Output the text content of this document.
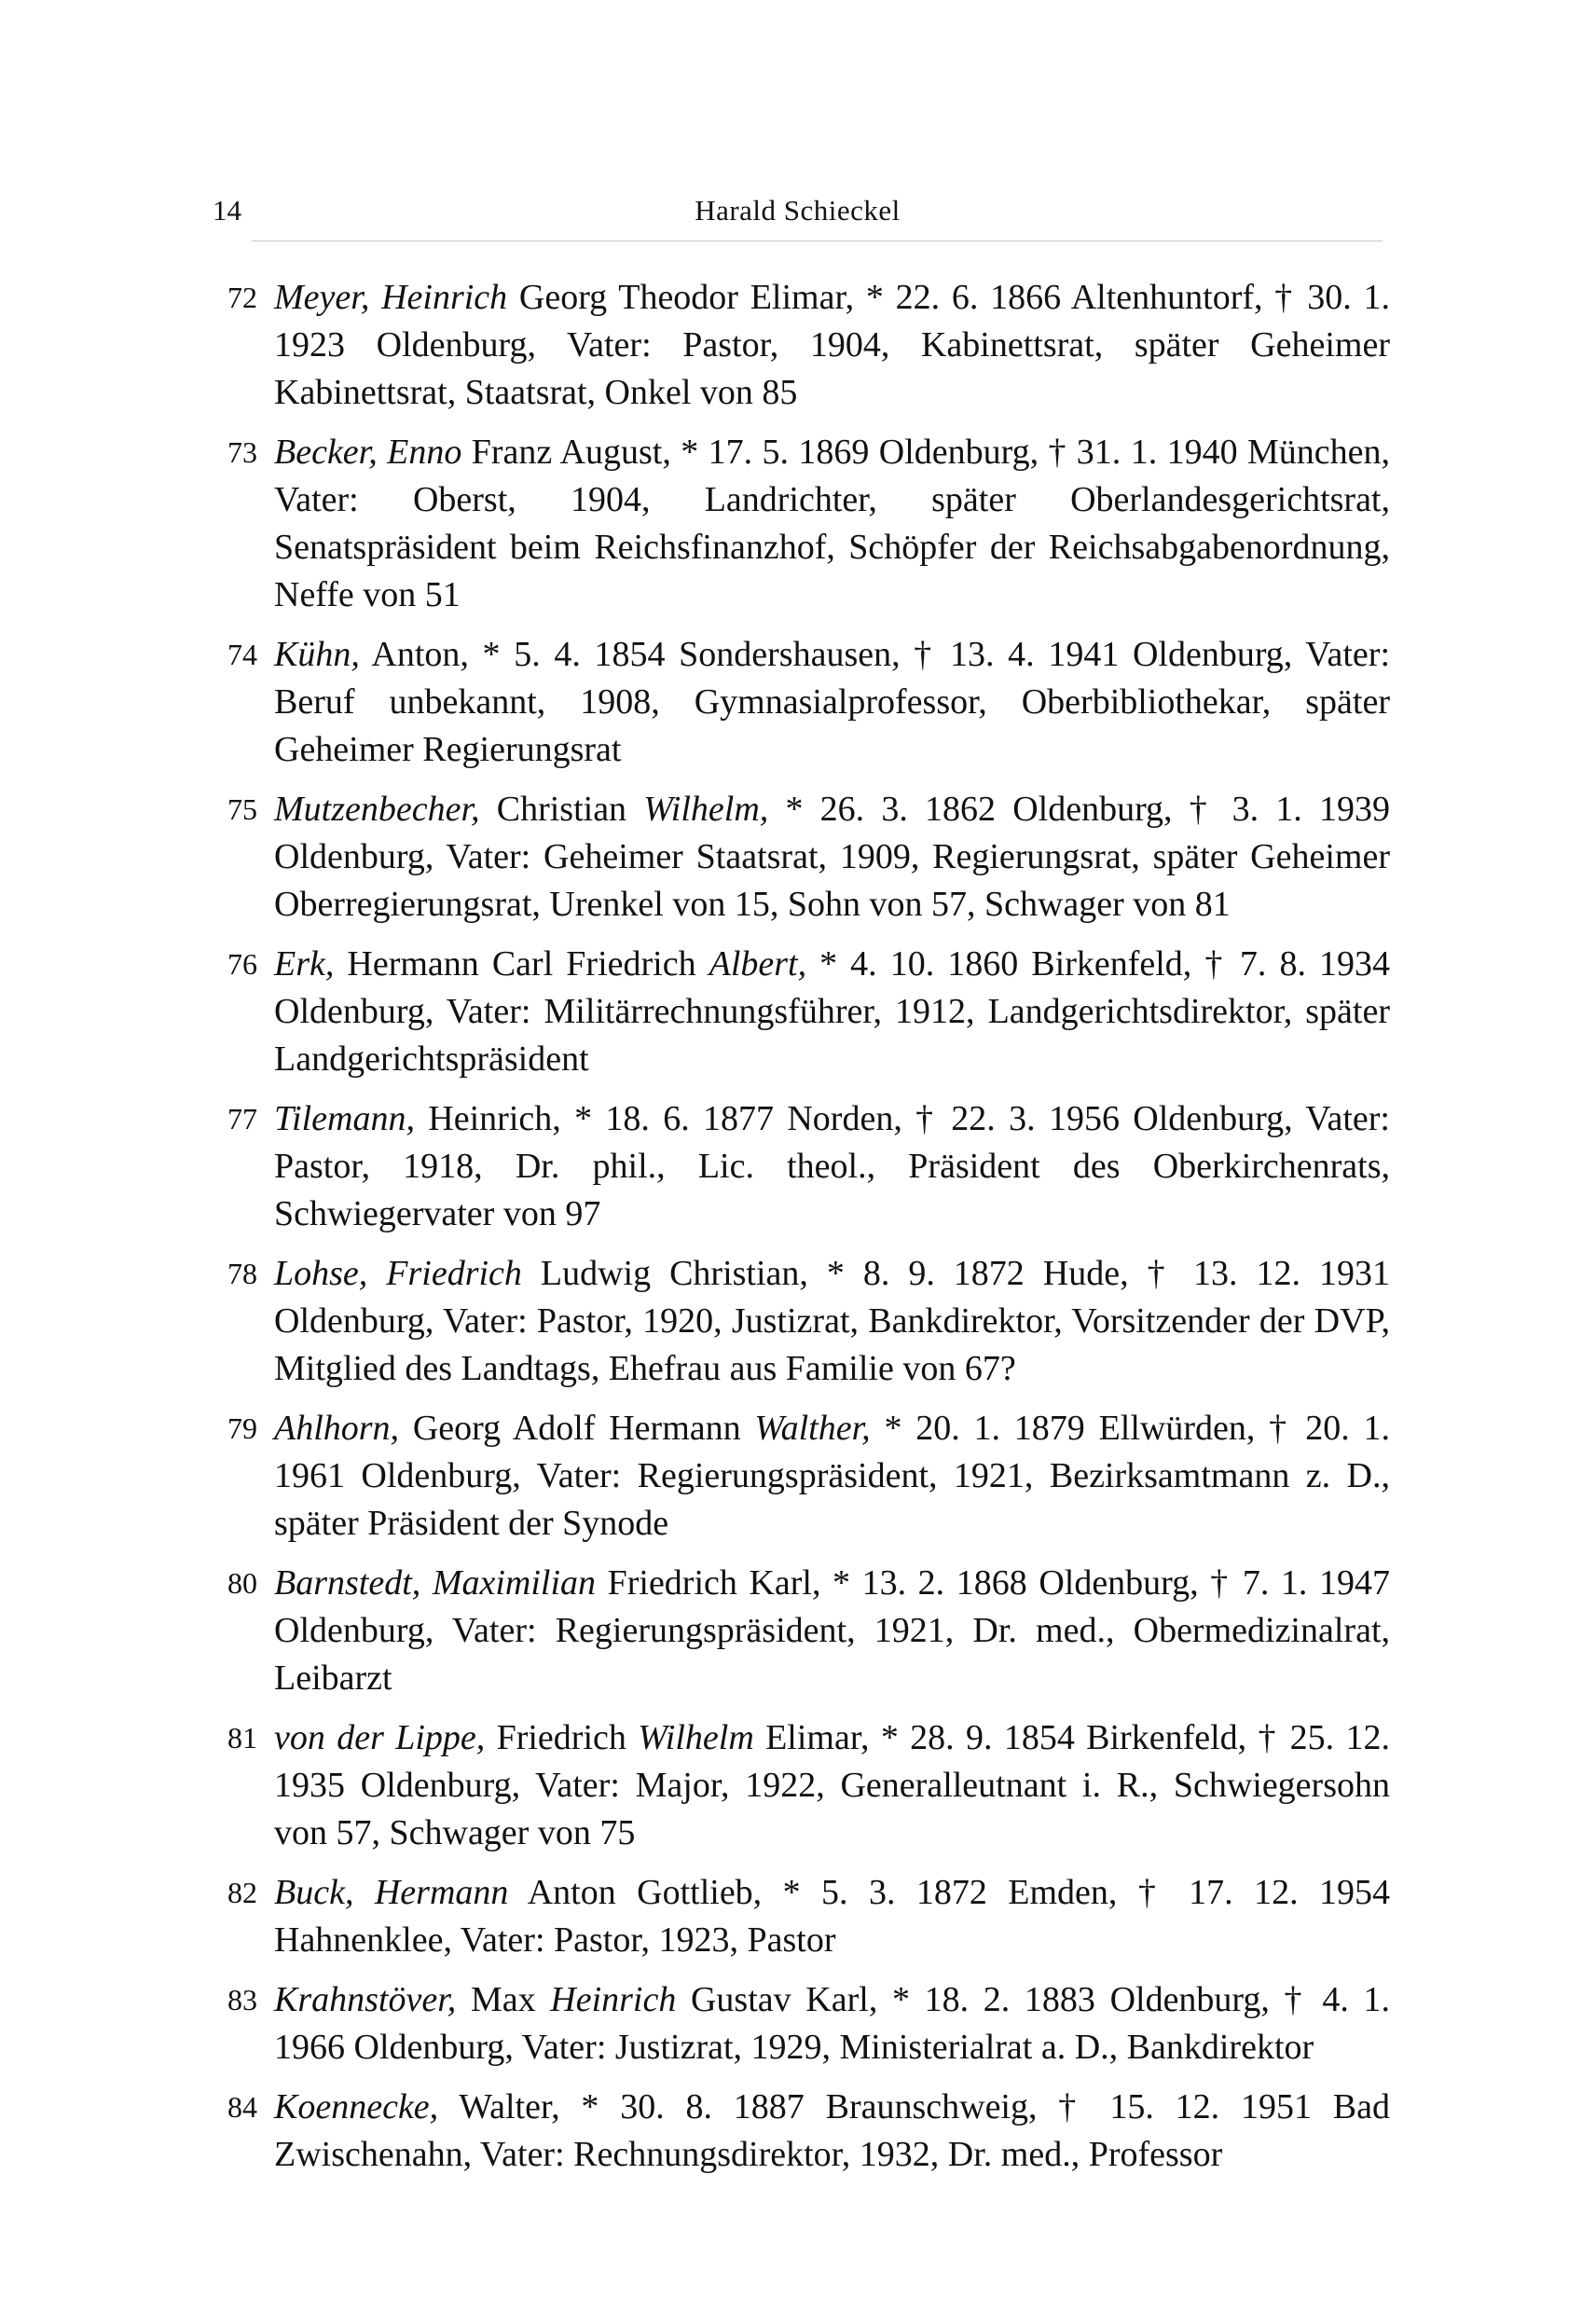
14	Harald Schieckel
72 Meyer, Heinrich Georg Theodor Elimar, * 22. 6. 1866 Altenhuntorf, † 30. 1. 1923 Oldenburg, Vater: Pastor, 1904, Kabinettsrat, später Geheimer Kabinettsrat, Staatsrat, Onkel von 85
73 Becker, Enno Franz August, * 17. 5. 1869 Oldenburg, † 31. 1. 1940 München, Vater: Oberst, 1904, Landrichter, später Oberlandesgerichtsrat, Senatspräsident beim Reichsfinanzhof, Schöpfer der Reichsabgabenordnung, Neffe von 51
74 Kühn, Anton, * 5. 4. 1854 Sondershausen, † 13. 4. 1941 Oldenburg, Vater: Beruf unbekannt, 1908, Gymnasialprofessor, Oberbibliothekar, später Geheimer Regierungsrat
75 Mutzenbecher, Christian Wilhelm, * 26. 3. 1862 Oldenburg, † 3. 1. 1939 Oldenburg, Vater: Geheimer Staatsrat, 1909, Regierungsrat, später Geheimer Oberregierungsrat, Urenkel von 15, Sohn von 57, Schwager von 81
76 Erk, Hermann Carl Friedrich Albert, * 4. 10. 1860 Birkenfeld, † 7. 8. 1934 Oldenburg, Vater: Militärrechnungsführer, 1912, Landgerichtsdirektor, später Landgerichtspräsident
77 Tilemann, Heinrich, * 18. 6. 1877 Norden, † 22. 3. 1956 Oldenburg, Vater: Pastor, 1918, Dr. phil., Lic. theol., Präsident des Oberkirchenrats, Schwiegervater von 97
78 Lohse, Friedrich Ludwig Christian, * 8. 9. 1872 Hude, † 13. 12. 1931 Oldenburg, Vater: Pastor, 1920, Justizrat, Bankdirektor, Vorsitzender der DVP, Mitglied des Landtags, Ehefrau aus Familie von 67?
79 Ahlhorn, Georg Adolf Hermann Walther, * 20. 1. 1879 Ellwürden, † 20. 1. 1961 Oldenburg, Vater: Regierungspräsident, 1921, Bezirksamtmann z. D., später Präsident der Synode
80 Barnstedt, Maximilian Friedrich Karl, * 13. 2. 1868 Oldenburg, † 7. 1. 1947 Oldenburg, Vater: Regierungspräsident, 1921, Dr. med., Obermedizinalrat, Leibarzt
81 von der Lippe, Friedrich Wilhelm Elimar, * 28. 9. 1854 Birkenfeld, † 25. 12. 1935 Oldenburg, Vater: Major, 1922, Generalleutnant i. R., Schwiegersohn von 57, Schwager von 75
82 Buck, Hermann Anton Gottlieb, * 5. 3. 1872 Emden, † 17. 12. 1954 Hahnenklee, Vater: Pastor, 1923, Pastor
83 Krahnstöver, Max Heinrich Gustav Karl, * 18. 2. 1883 Oldenburg, † 4. 1. 1966 Oldenburg, Vater: Justizrat, 1929, Ministerialrat a. D., Bankdirektor
84 Koennecke, Walter, * 30. 8. 1887 Braunschweig, † 15. 12. 1951 Bad Zwischenahn, Vater: Rechnungsdirektor, 1932, Dr. med., Professor
